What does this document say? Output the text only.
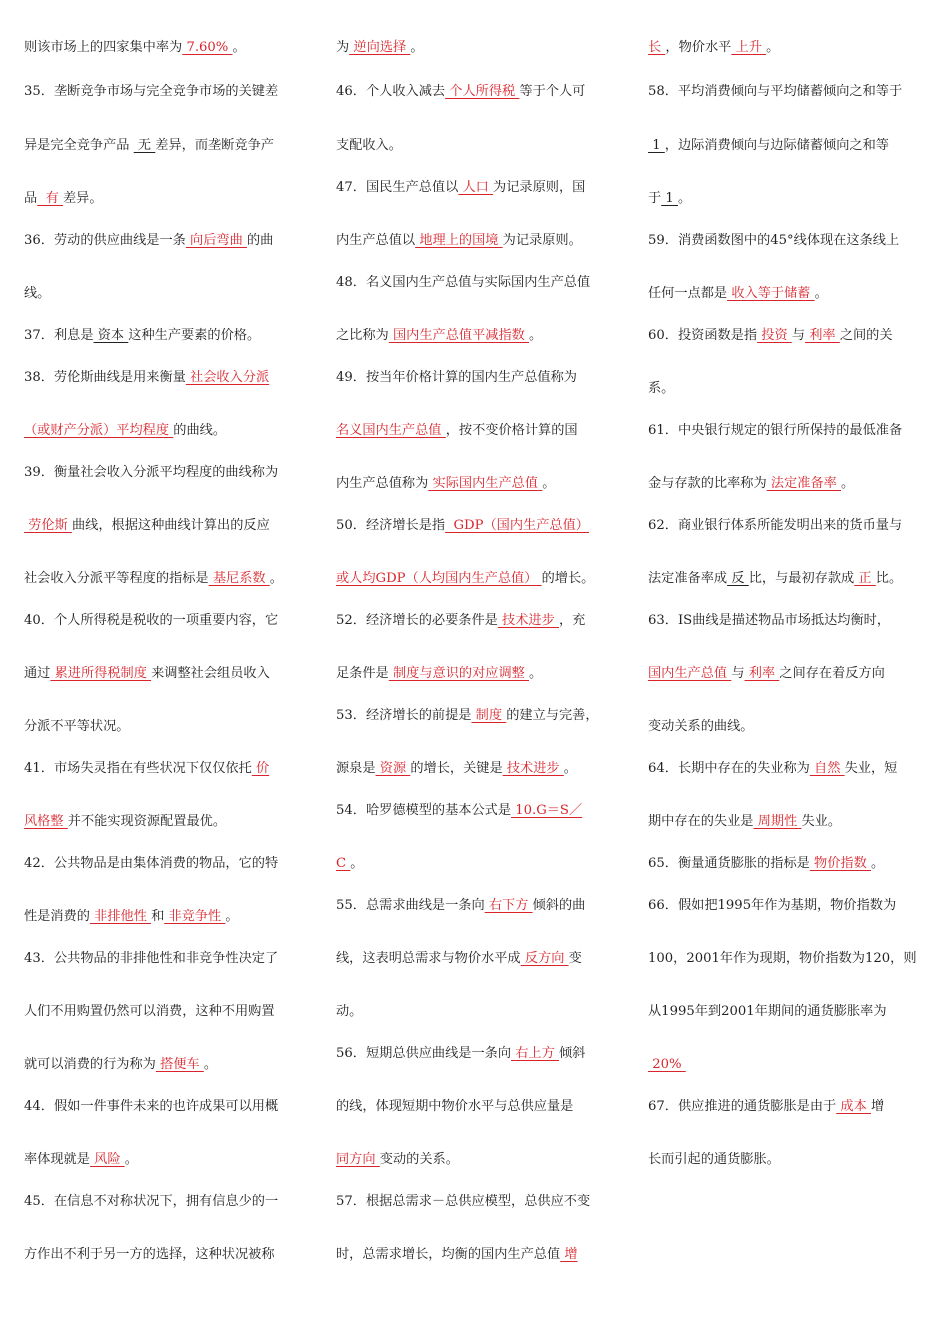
则该市场上的四家集中率为 7.60% 。
35．垄断竞争市场与完全竞争市场的关键差
异是完全竞争产品  无 差异，而垄断竞争产
品  有 差异。
36．劳动的供应曲线是一条 向后弯曲 的曲
线。
37．利息是 资本 这种生产要素的价格。
38．劳伦斯曲线是用来衡量 社会收入分派
（或财产分派）平均程度 的曲线。
39．衡量社会收入分派平均程度的曲线称为
劳伦斯 曲线，根据这种曲线计算出的反应
社会收入分派平等程度的指标是 基尼系数 。
40．个人所得税是税收的一项重要内容，它
通过 累进所得税制度 来调整社会组员收入
分派不平等状况。
41．市场失灵指在有些状况下仅仅依托 价
风格整 并不能实现资源配置最优。
42．公共物品是由集体消费的物品，它的特
性是消费的 非排他性 和 非竞争性 。
43．公共物品的非排他性和非竞争性决定了
人们不用购置仍然可以消费，这种不用购置
就可以消费的行为称为 搭便车 。
44．假如一件事件未来的也许成果可以用概
率体现就是 风险 。
45．在信息不对称状况下，拥有信息少的一
方作出不利于另一方的选择，这种状况被称
为 逆向选择 。
46．个人收入减去 个人所得税 等于个人可
支配收入。
47．国民生产总值以 人口 为记录原则，国
内生产总值以 地理上的国境 为记录原则。
48．名义国内生产总值与实际国内生产总值
之比称为 国内生产总值平减指数 。
49．按当年价格计算的国内生产总值称为
名义国内生产总值 ，按不变价格计算的国
内生产总值称为 实际国内生产总值 。
50．经济增长是指  GDP（国内生产总值）
或人均GDP（人均国内生产总值） 的增长。
52．经济增长的必要条件是 技术进步 ，充
足条件是 制度与意识的对应调整 。
53．经济增长的前提是 制度 的建立与完善，
源泉是 资源 的增长，关键是 技术进步 。
54．哈罗德模型的基本公式是 10.G＝S／
C 。
55．总需求曲线是一条向 右下方 倾斜的曲
线，这表明总需求与物价水平成 反方向 变
动。
56．短期总供应曲线是一条向 右上方 倾斜
的线，体现短期中物价水平与总供应量是
同方向 变动的关系。
57．根据总需求－总供应模型，总供应不变
时，总需求增长，均衡的国内生产总值 增
长 ，物价水平 上升 。
58．平均消费倾向与平均储蓄倾向之和等于
1 ，边际消费倾向与边际储蓄倾向之和等
于 1 。
59．消费函数图中的45°线体现在这条线上
任何一点都是 收入等于储蓄 。
60．投资函数是指 投资 与 利率 之间的关
系。
61．中央银行规定的银行所保持的最低准备
金与存款的比率称为 法定准备率 。
62．商业银行体系所能发明出来的货币量与
法定准备率成 反 比，与最初存款成 正 比。
63．IS曲线是描述物品市场抵达均衡时，
国内生产总值 与 利率 之间存在着反方向
变动关系的曲线。
64．长期中存在的失业称为 自然 失业，短
期中存在的失业是 周期性 失业。
65．衡量通货膨胀的指标是 物价指数 。
66．假如把1995年作为基期，物价指数为
100，2001年作为现期，物价指数为120，则
从1995年到2001年期间的通货膨胀率为
20%
67．供应推进的通货膨胀是由于 成本 增
长而引起的通货膨胀。
